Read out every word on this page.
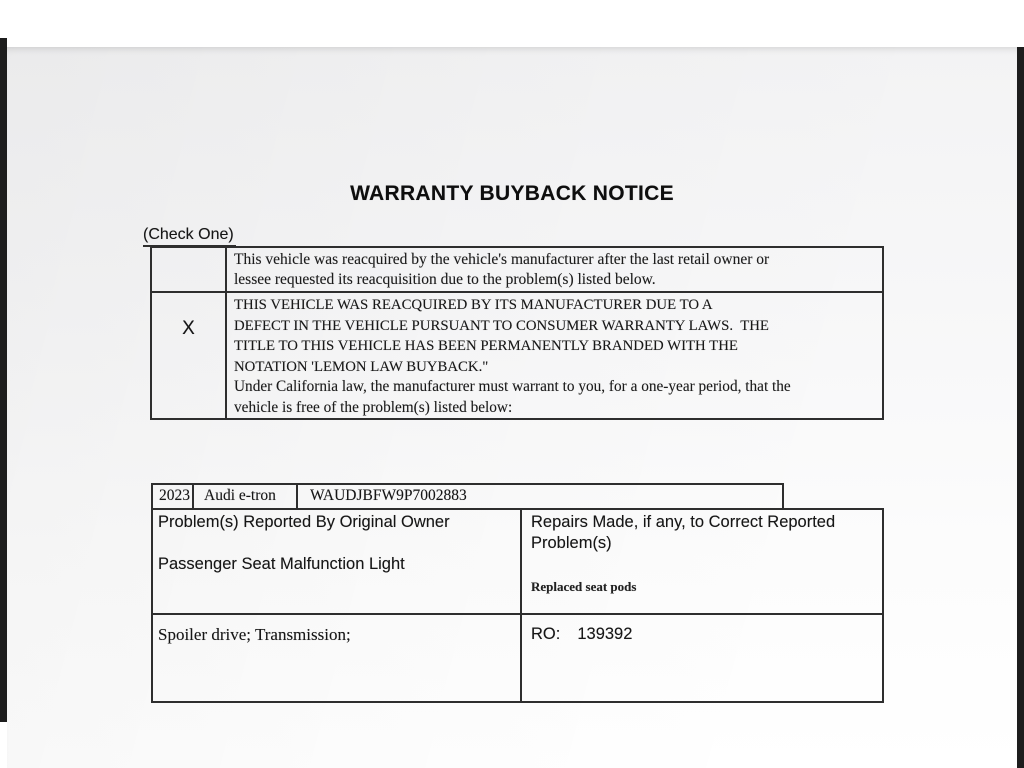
WARRANTY BUYBACK NOTICE
(Check One)
This vehicle was reacquired by the vehicle's manufacturer after the last retail owner or
lessee requested its reacquisition due to the problem(s) listed below.
X
THIS VEHICLE WAS REACQUIRED BY ITS MANUFACTURER DUE TO A
DEFECT IN THE VEHICLE PURSUANT TO CONSUMER WARRANTY LAWS.  THE
TITLE TO THIS VEHICLE HAS BEEN PERMANENTLY BRANDED WITH THE
NOTATION 'LEMON LAW BUYBACK."
Under California law, the manufacturer must warrant to you, for a one-year period, that the
vehicle is free of the problem(s) listed below:
2023 Audi e-tron	WAUDJBFW9P7002883
Problem(s) Reported By Original Owner
Passenger Seat Malfunction Light
Repairs Made, if any, to Correct Reported Problem(s)
Replaced seat pods
Spoiler drive; Transmission;	RO: 139392
